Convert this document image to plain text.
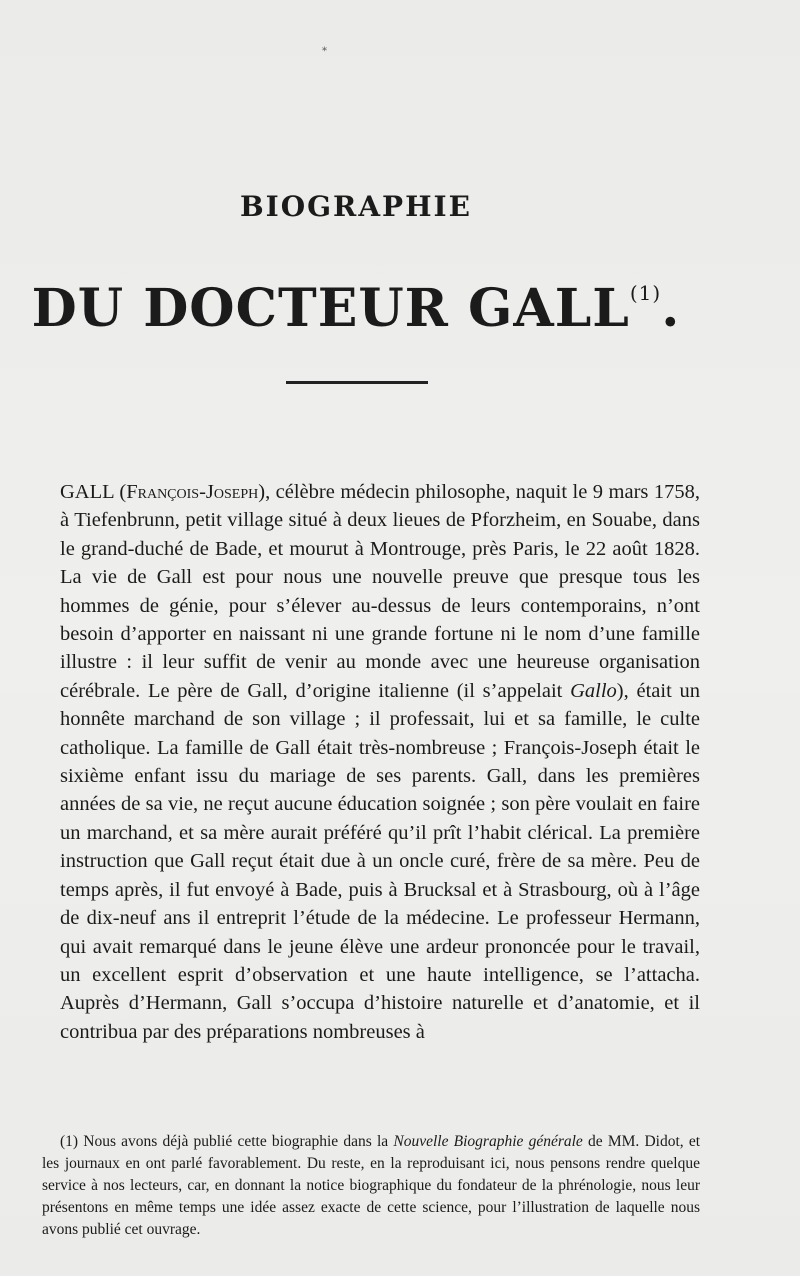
*
BIOGRAPHIE
DU DOCTEUR GALL$^{(1)}$.

GALL (François-Joseph), célèbre médecin philosophe, naquit le 9 mars 1758, à Tiefenbrunn, petit village situé à deux lieues de Pforzheim, en Souabe, dans le grand-duché de Bade, et mourut à Montrouge, près Paris, le 22 août 1828. La vie de Gall est pour nous une nouvelle preuve que presque tous les hommes de génie, pour s’élever au-dessus de leurs contemporains, n’ont besoin d’apporter en naissant ni une grande fortune ni le nom d’une famille illustre : il leur suffit de venir au monde avec une heureuse organisation cérébrale. Le père de Gall, d’origine italienne (il s’appelait Gallo), était un honnête marchand de son village ; il professait, lui et sa famille, le culte catholique. La famille de Gall était très-nombreuse ; François-Joseph était le sixième enfant issu du mariage de ses parents. Gall, dans les premières années de sa vie, ne reçut aucune éducation soignée ; son père voulait en faire un marchand, et sa mère aurait préféré qu’il prît l’habit clérical. La première instruction que Gall reçut était due à un oncle curé, frère de sa mère. Peu de temps après, il fut envoyé à Bade, puis à Brucksal et à Strasbourg, où à l’âge de dix-neuf ans il entreprit l’étude de la médecine. Le professeur Hermann, qui avait remarqué dans le jeune élève une ardeur prononcée pour le travail, un excellent esprit d’observation et une haute intelligence, se l’attacha. Auprès d’Hermann, Gall s’occupa d’histoire naturelle et d’anatomie, et il contribua par des préparations nombreuses à

(1) Nous avons déjà publié cette biographie dans la Nouvelle Biographie générale de MM. Didot, et les journaux en ont parlé favorablement. Du reste, en la reproduisant ici, nous pensons rendre quelque service à nos lecteurs, car, en donnant la notice biographique du fondateur de la phrénologie, nous leur présentons en même temps une idée assez exacte de cette science, pour l’illustration de laquelle nous avons publié cet ouvrage.
